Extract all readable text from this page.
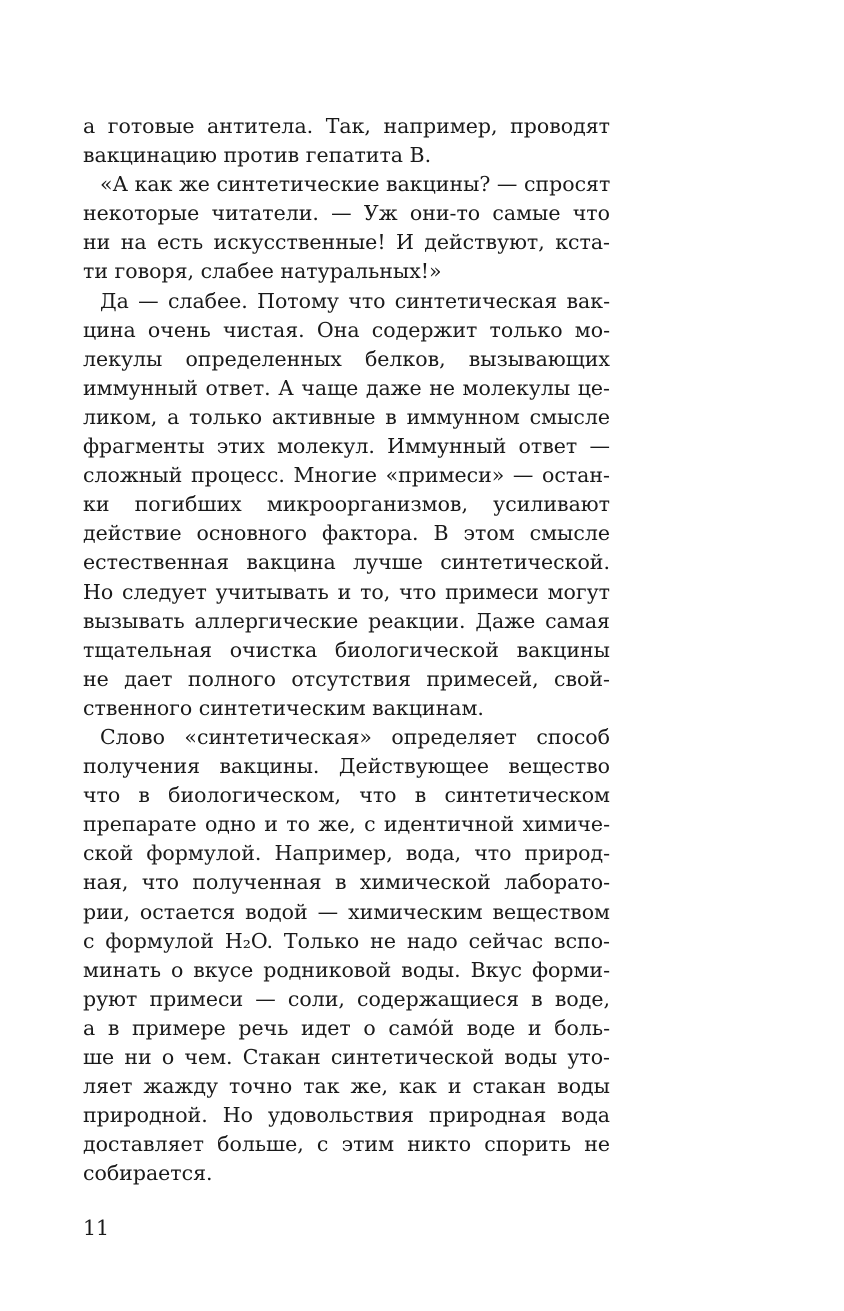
а готовые антитела. Так, например, проводят
вакцинацию против гепатита В.
«А как же синтетические вакцины? — спросят
некоторые читатели. — Уж они-то самые что
ни на есть искусственные! И действуют, кста-
ти говоря, слабее натуральных!»
Да — слабее. Потому что синтетическая вак-
цина очень чистая. Она содержит только мо-
лекулы определенных белков, вызывающих
иммунный ответ. А чаще даже не молекулы це-
ликом, а только активные в иммунном смысле
фрагменты этих молекул. Иммунный ответ —
сложный процесс. Многие «примеси» — остан-
ки погибших микроорганизмов, усиливают
действие основного фактора. В этом смысле
естественная вакцина лучше синтетической.
Но следует учитывать и то, что примеси могут
вызывать аллергические реакции. Даже самая
тщательная очистка биологической вакцины
не дает полного отсутствия примесей, свой-
ственного синтетическим вакцинам.
Слово «синтетическая» определяет способ
получения вакцины. Действующее вещество
что в биологическом, что в синтетическом
препарате одно и то же, с идентичной химиче-
ской формулой. Например, вода, что природ-
ная, что полученная в химической лаборато-
рии, остается водой — химическим веществом
с формулой H₂O. Только не надо сейчас вспо-
минать о вкусе родниковой воды. Вкус форми-
руют примеси — соли, содержащиеся в воде,
а в примере речь идет о само́й воде и боль-
ше ни о чем. Стакан синтетической воды уто-
ляет жажду точно так же, как и стакан воды
природной. Но удовольствия природная вода
доставляет больше, с этим никто спорить не
собирается.
11
